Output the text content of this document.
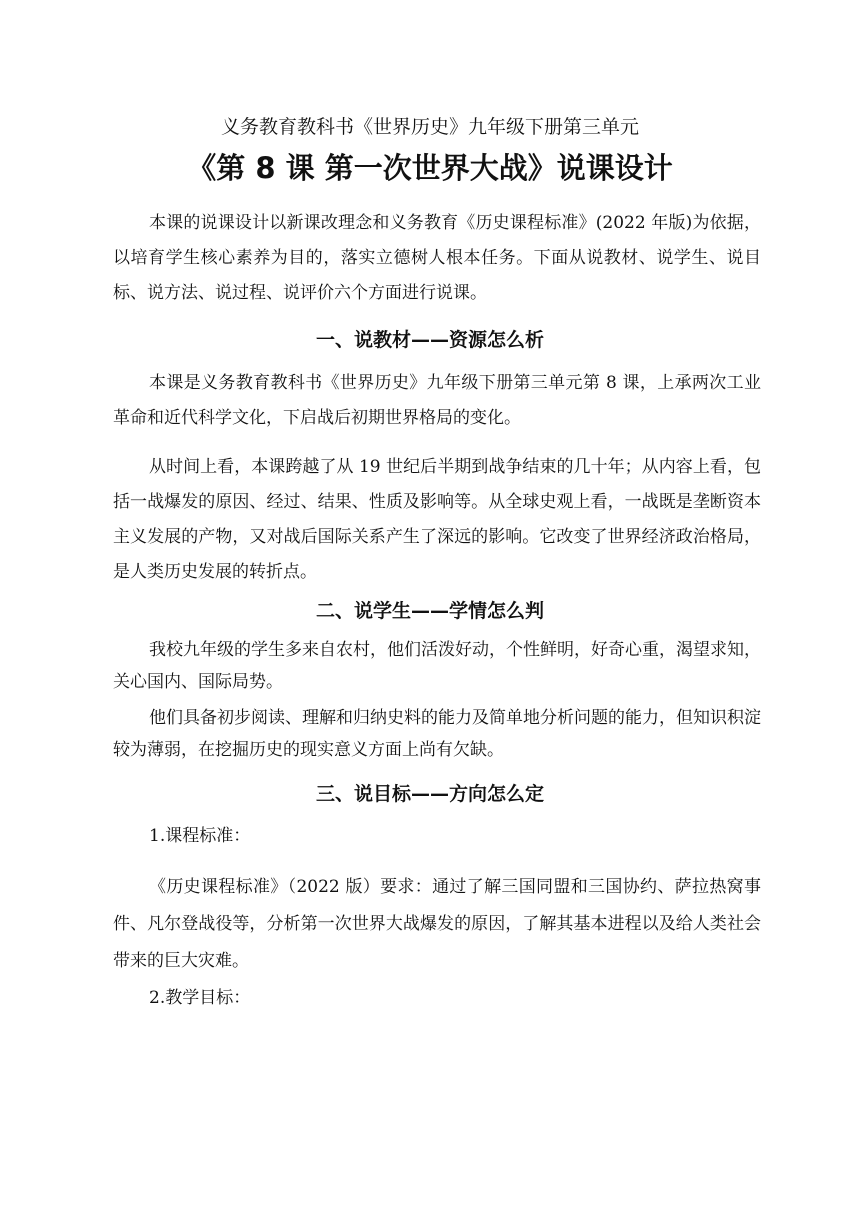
义务教育教科书《世界历史》九年级下册第三单元
《第 8 课 第一次世界大战》说课设计

本课的说课设计以新课改理念和义务教育《历史课程标准》(2022 年版)为依据，以培育学生核心素养为目的，落实立德树人根本任务。下面从说教材、说学生、说目标、说方法、说过程、说评价六个方面进行说课。

一、说教材——资源怎么析

本课是义务教育教科书《世界历史》九年级下册第三单元第 8 课，上承两次工业革命和近代科学文化，下启战后初期世界格局的变化。

从时间上看，本课跨越了从 19 世纪后半期到战争结束的几十年；从内容上看，包括一战爆发的原因、经过、结果、性质及影响等。从全球史观上看，一战既是垄断资本主义发展的产物，又对战后国际关系产生了深远的影响。它改变了世界经济政治格局，是人类历史发展的转折点。

二、说学生——学情怎么判

我校九年级的学生多来自农村，他们活泼好动，个性鲜明，好奇心重，渴望求知， 关心国内、国际局势。

他们具备初步阅读、理解和归纳史料的能力及简单地分析问题的能力，但知识积淀较为薄弱，在挖掘历史的现实意义方面上尚有欠缺。

三、说目标——方向怎么定
1.课程标准：

《历史课程标准》（2022 版）要求：通过了解三国同盟和三国协约、萨拉热窝事件、凡尔登战役等，分析第一次世界大战爆发的原因，了解其基本进程以及给人类社会带来的巨大灾难。

2.教学目标：
